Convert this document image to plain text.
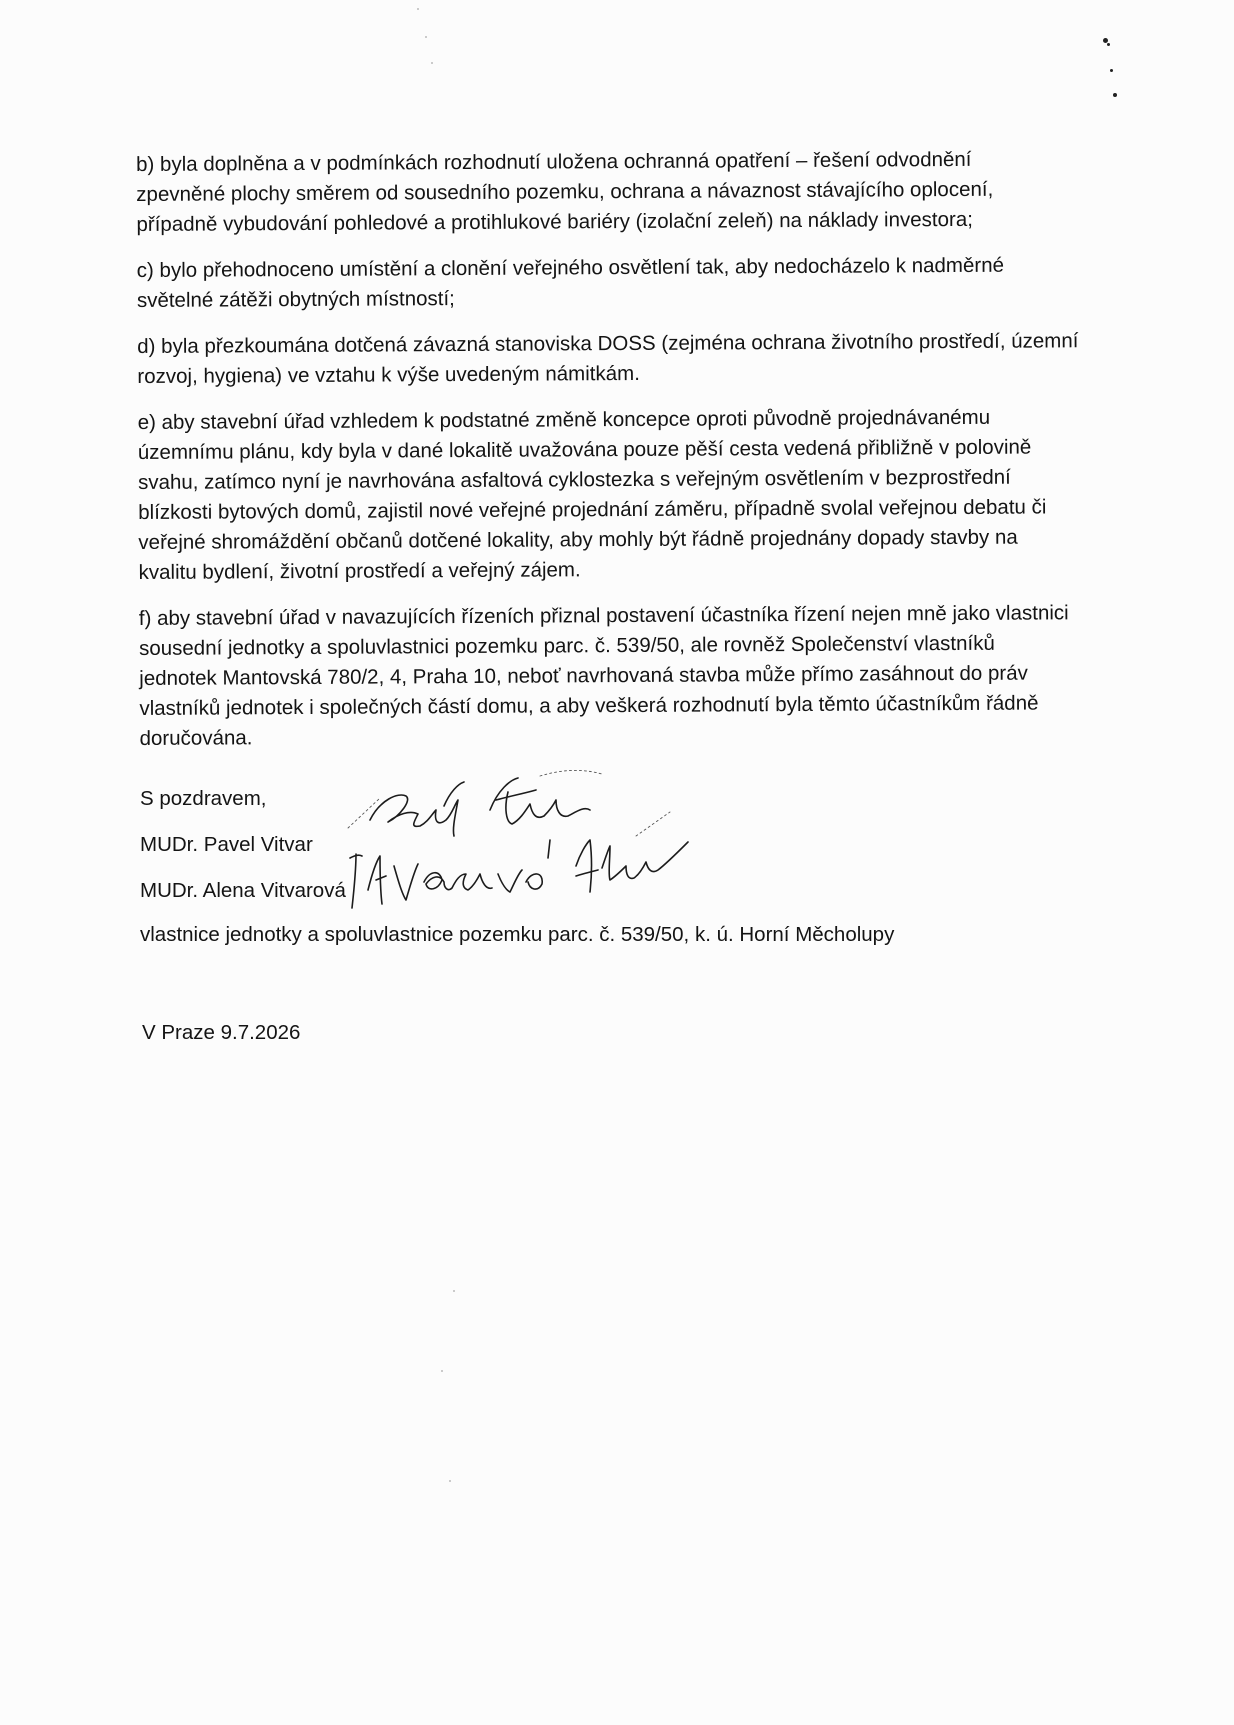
b) byla doplněna a v podmínkách rozhodnutí uložena ochranná opatření – řešení odvodnění
zpevněné plochy směrem od sousedního pozemku, ochrana a návaznost stávajícího oplocení,
případně vybudování pohledové a protihlukové bariéry (izolační zeleň) na náklady investora;

c) bylo přehodnoceno umístění a clonění veřejného osvětlení tak, aby nedocházelo k nadměrné
světelné zátěži obytných místností;

d) byla přezkoumána dotčená závazná stanoviska DOSS (zejména ochrana životního prostředí, územní
rozvoj, hygiena) ve vztahu k výše uvedeným námitkám.

e) aby stavební úřad vzhledem k podstatné změně koncepce oproti původně projednávanému
územnímu plánu, kdy byla v dané lokalitě uvažována pouze pěší cesta vedená přibližně v polovině
svahu, zatímco nyní je navrhována asfaltová cyklostezka s veřejným osvětlením v bezprostřední
blízkosti bytových domů, zajistil nové veřejné projednání záměru, případně svolal veřejnou debatu či
veřejné shromáždění občanů dotčené lokality, aby mohly být řádně projednány dopady stavby na
kvalitu bydlení, životní prostředí a veřejný zájem.

f) aby stavební úřad v navazujících řízeních přiznal postavení účastníka řízení nejen mně jako vlastnici
sousední jednotky a spoluvlastnici pozemku parc. č. 539/50, ale rovněž Společenství vlastníků
jednotek Mantovská 780/2, 4, Praha 10, neboť navrhovaná stavba může přímo zasáhnout do práv
vlastníků jednotek i společných částí domu, a aby veškerá rozhodnutí byla těmto účastníkům řádně
doručována.

S pozdravem,
MUDr. Pavel Vitvar
MUDr. Alena Vitvarová
vlastnice jednotky a spoluvlastnice pozemku parc. č. 539/50, k. ú. Horní Měcholupy
V Praze 9.7.2026
